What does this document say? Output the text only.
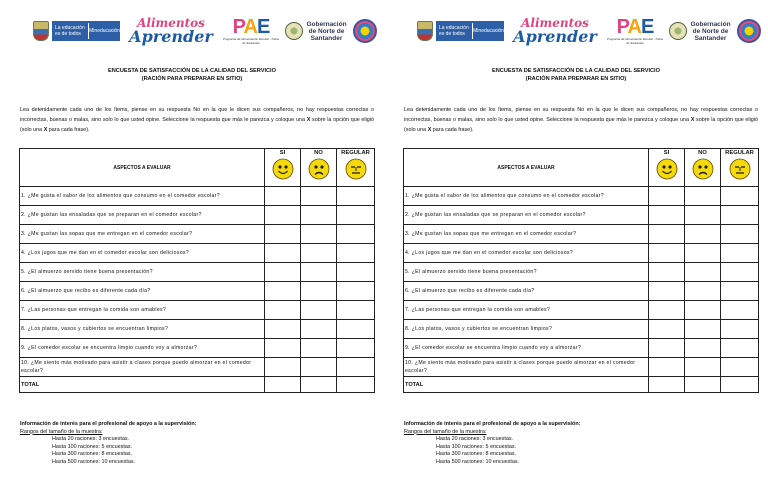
La educación
es de todos	Mineducación
Alimentos
Aprender PAE
Programa de Alimentación Escolar - Norte de Santander
Gobernación
de Norte de
Santander
ENCUESTA DE SATISFACCIÓN DE LA CALIDAD DEL SERVICIO
(RACIÓN PARA PREPARAR EN SITIO)
Lea detenidamente cada uno de los Ítems, piense en su respuesta No en la que le dicen sus compañeros, no hay respuestas correctas o incorrectas, buenas o malas, sino solo lo que usted opine. Seleccione la respuesta que más le parezca y coloque una X sobre la opción que eligió (solo una X para cada frase).
ASPECTOS A EVALUAR	SI	NO	REGULAR

1. ¿Me gusta el sabor de los alimentos que consumo en el comedor escolar?			
2. ¿Me gustan las ensaladas que se preparan en el comedor escolar?			
3. ¿Me gustan las sopas que me entregan en el comedor escolar?			
4. ¿Los jugos que me dan en el comedor escolar son deliciosos?			
5. ¿El almuerzo servido tiene buena presentación?			
6. ¿El almuerzo que recibo es diferente cada día?			
7. ¿Las personas que entregan la comida son amables?			
8. ¿Los platos, vasos y cubiertos se encuentran limpios?			
9. ¿El comedor escolar se encuentra limpio cuando voy a almorzar?			
10. ¿Me siento más motivado para asistir a clases porque puedo almorzar en el comedor escolar?			
TOTAL			
Información de interés para el profesional de apoyo a la supervisión:
Rangos del tamaño de la muestra:
Hasta 20 raciones: 3 encuestas.
Hasta 100 raciones: 5 encuestas.
Hasta 300 raciones: 8 encuestas.
Hasta 500 raciones: 10 encuestas.
La educación
es de todos	Mineducación
Alimentos
Aprender PAE
Programa de Alimentación Escolar - Norte de Santander
Gobernación
de Norte de
Santander
ENCUESTA DE SATISFACCIÓN DE LA CALIDAD DEL SERVICIO
(RACIÓN PARA PREPARAR EN SITIO)
Lea detenidamente cada uno de los Ítems, piense en su respuesta No en la que le dicen sus compañeros, no hay respuestas correctas o incorrectas, buenas o malas, sino solo lo que usted opine. Seleccione la respuesta que más le parezca y coloque una X sobre la opción que eligió (solo una X para cada frase).
ASPECTOS A EVALUAR	SI	NO	REGULAR

1. ¿Me gusta el sabor de los alimentos que consumo en el comedor escolar?			
2. ¿Me gustan las ensaladas que se preparan en el comedor escolar?			
3. ¿Me gustan las sopas que me entregan en el comedor escolar?			
4. ¿Los jugos que me dan en el comedor escolar son deliciosos?			
5. ¿El almuerzo servido tiene buena presentación?			
6. ¿El almuerzo que recibo es diferente cada día?			
7. ¿Las personas que entregan la comida son amables?			
8. ¿Los platos, vasos y cubiertos se encuentran limpios?			
9. ¿El comedor escolar se encuentra limpio cuando voy a almorzar?			
10. ¿Me siento más motivado para asistir a clases porque puedo almorzar en el comedor escolar?			
TOTAL			
Información de interés para el profesional de apoyo a la supervisión:
Rangos del tamaño de la muestra:
Hasta 20 raciones: 3 encuestas.
Hasta 100 raciones: 5 encuestas.
Hasta 300 raciones: 8 encuestas.
Hasta 500 raciones: 10 encuestas.
